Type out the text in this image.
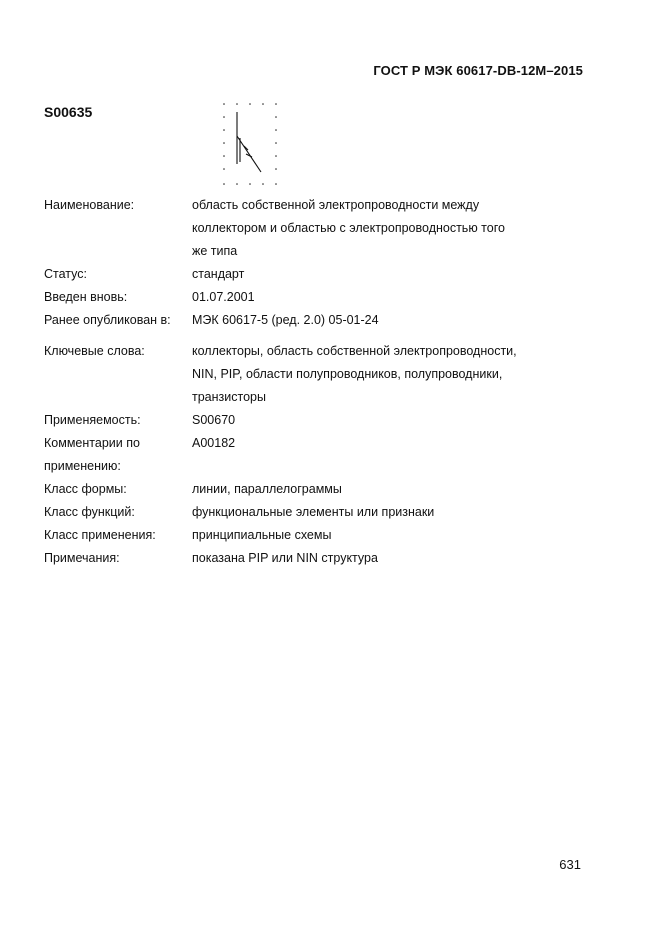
ГОСТ Р МЭК 60617-DB-12M–2015
S00635
Наименование:	область собственной электропроводности между
коллектором и областью с электропроводностью того
же типа
Статус:	стандарт
Введен вновь:	01.07.2001
Ранее опубликован в:	МЭК 60617-5 (ред. 2.0) 05-01-24
Ключевые слова:	коллекторы, область собственной электропроводности,
NIN, PIP, области полупроводников, полупроводники,
транзисторы
Применяемость:	S00670
Комментарии по применению:
A00182
Класс формы:	линии, параллелограммы
Класс функций:	функциональные элементы или признаки
Класс применения:	принципиальные схемы
Примечания:	показана PIP или NIN структура
631
